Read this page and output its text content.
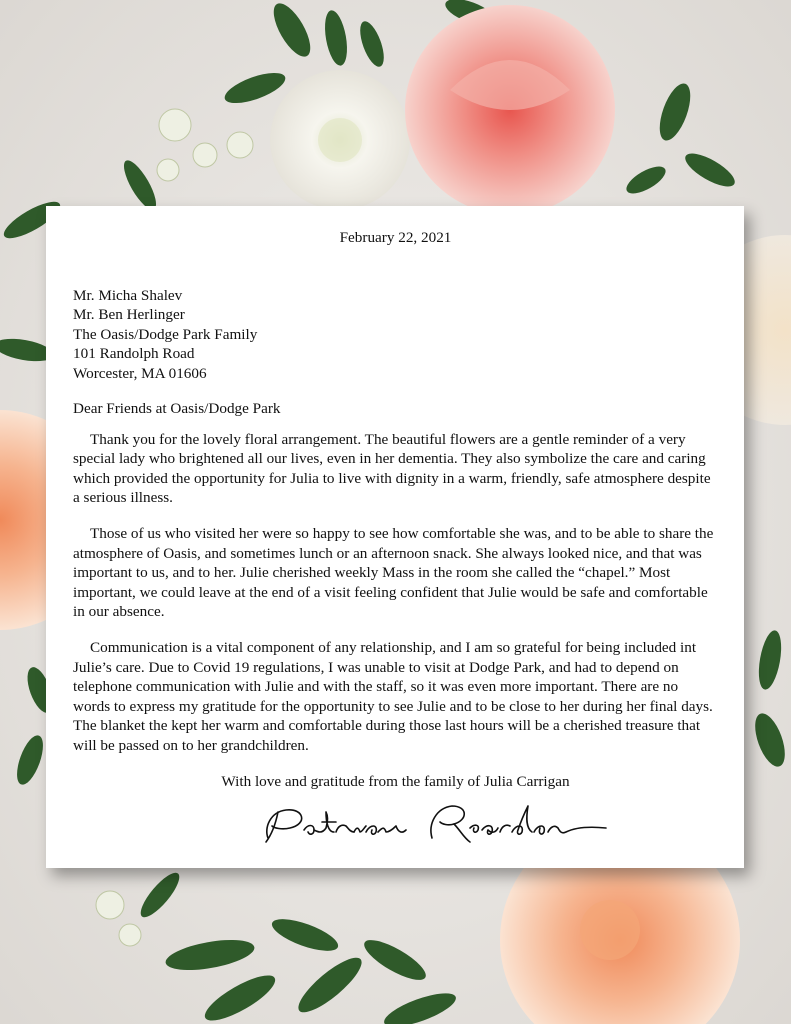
February 22, 2021

Mr. Micha Shalev
Mr. Ben Herlinger
The Oasis/Dodge Park Family
101 Randolph Road
Worcester, MA 01606

Dear Friends at Oasis/Dodge Park

Thank you for the lovely floral arrangement. The beautiful flowers are a gentle reminder of a very special lady who brightened all our lives, even in her dementia. They also symbolize the care and caring which provided the opportunity for Julia to live with dignity in a warm, friendly, safe atmosphere despite a serious illness.

Those of us who visited her were so happy to see how comfortable she was, and to be able to share the atmosphere of Oasis, and sometimes lunch or an afternoon snack. She always looked nice, and that was important to us, and to her. Julie cherished weekly Mass in the room she called the “chapel.” Most important, we could leave at the end of a visit feeling confident that Julie would be safe and comfortable in our absence.

Communication is a vital component of any relationship, and I am so grateful for being included int Julie’s care. Due to Covid 19 regulations, I was unable to visit at Dodge Park, and had to depend on telephone communication with Julie and with the staff, so it was even more important. There are no words to express my gratitude for the opportunity to see Julie and to be close to her during her final days. The blanket the kept her warm and comfortable during those last hours will be a cherished treasure that will be passed on to her grandchildren.

With love and gratitude from the family of Julia Carrigan
